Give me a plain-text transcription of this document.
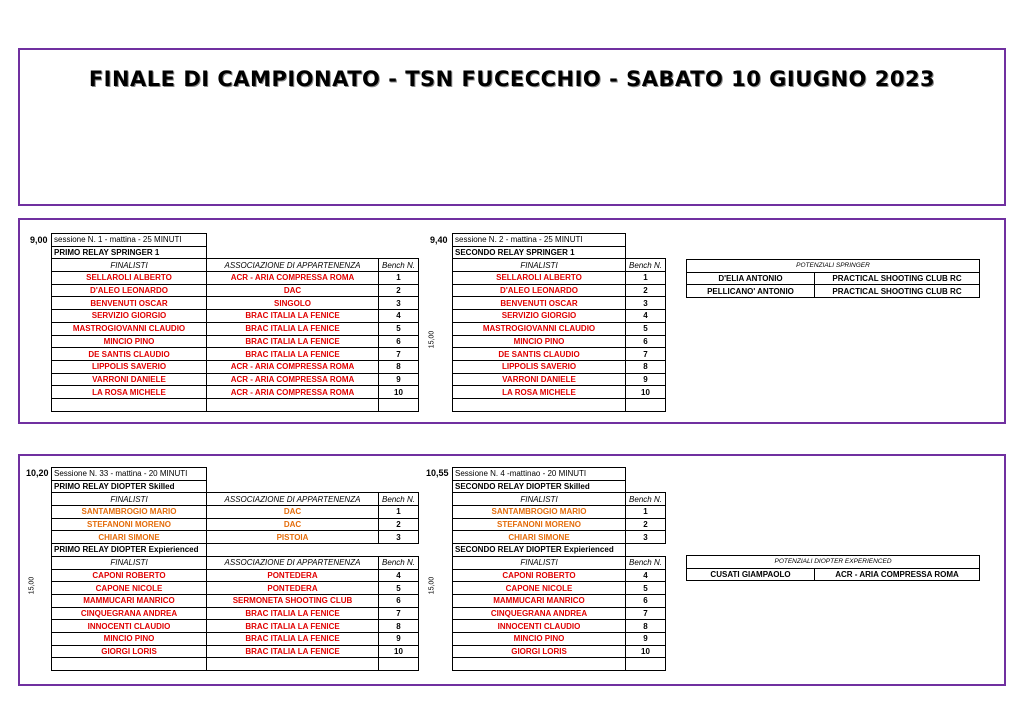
FINALE DI CAMPIONATO - TSN FUCECCHIO - SABATO 10 GIUGNO 2023
9,00	9,40
15,00
sessione N. 1 - mattina - 25 MINUTI		
PRIMO RELAY SPRINGER 1		
FINALISTI	ASSOCIAZIONE DI APPARTENENZA	Bench N.
SELLAROLI ALBERTO	ACR - ARIA COMPRESSA ROMA	1
D'ALEO LEONARDO	DAC	2
BENVENUTI OSCAR	SINGOLO	3
SERVIZIO GIORGIO	BRAC ITALIA LA FENICE	4
MASTROGIOVANNI CLAUDIO	BRAC ITALIA LA FENICE	5
MINCIO PINO	BRAC ITALIA LA FENICE	6
DE SANTIS CLAUDIO	BRAC ITALIA LA FENICE	7
LIPPOLIS SAVERIO	ACR - ARIA COMPRESSA ROMA	8
VARRONI DANIELE	ACR - ARIA COMPRESSA ROMA	9
LA ROSA MICHELE	ACR - ARIA COMPRESSA ROMA	10

sessione N. 2 - mattina - 25 MINUTI	
SECONDO RELAY SPRINGER 1	
FINALISTI	Bench N.
SELLAROLI ALBERTO	1
D'ALEO LEONARDO	2
BENVENUTI OSCAR	3
SERVIZIO GIORGIO	4
MASTROGIOVANNI CLAUDIO	5
MINCIO PINO	6
DE SANTIS CLAUDIO	7
LIPPOLIS SAVERIO	8
VARRONI DANIELE	9
LA ROSA MICHELE	10

POTENZIALI SPRINGER	
D'ELIA ANTONIO	PRACTICAL SHOOTING CLUB RC
PELLICANO' ANTONIO	PRACTICAL SHOOTING CLUB RC
10,20	10,55
15,00	15,00
Sessione N. 33 - mattina - 20 MINUTI		
PRIMO RELAY DIOPTER Skilled		
FINALISTI	ASSOCIAZIONE DI APPARTENENZA	Bench N.
SANTAMBROGIO MARIO	DAC	1
STEFANONI MORENO	DAC	2
CHIARI SIMONE	PISTOIA	3
PRIMO RELAY DIOPTER Expierienced		
FINALISTI	ASSOCIAZIONE DI APPARTENENZA	Bench N.
CAPONI ROBERTO	PONTEDERA	4
CAPONE NICOLE	PONTEDERA	5
MAMMUCARI MANRICO	SERMONETA SHOOTING CLUB	6
CINQUEGRANA ANDREA	BRAC ITALIA LA FENICE	7
INNOCENTI CLAUDIO	BRAC ITALIA LA FENICE	8
MINCIO PINO	BRAC ITALIA LA FENICE	9
GIORGI LORIS	BRAC ITALIA LA FENICE	10

Sessione N. 4 -mattinao - 20 MINUTI	
SECONDO RELAY DIOPTER Skilled	
FINALISTI	Bench N.
SANTAMBROGIO MARIO	1
STEFANONI MORENO	2
CHIARI SIMONE	3
SECONDO RELAY DIOPTER Expierienced	
FINALISTI	Bench N.
CAPONI ROBERTO	4
CAPONE NICOLE	5
MAMMUCARI MANRICO	6
CINQUEGRANA ANDREA	7
INNOCENTI CLAUDIO	8
MINCIO PINO	9
GIORGI LORIS	10

POTENZIALI DIOPTER EXPERIENCED
CUSATI GIAMPAOLO	ACR - ARIA COMPRESSA ROMA
